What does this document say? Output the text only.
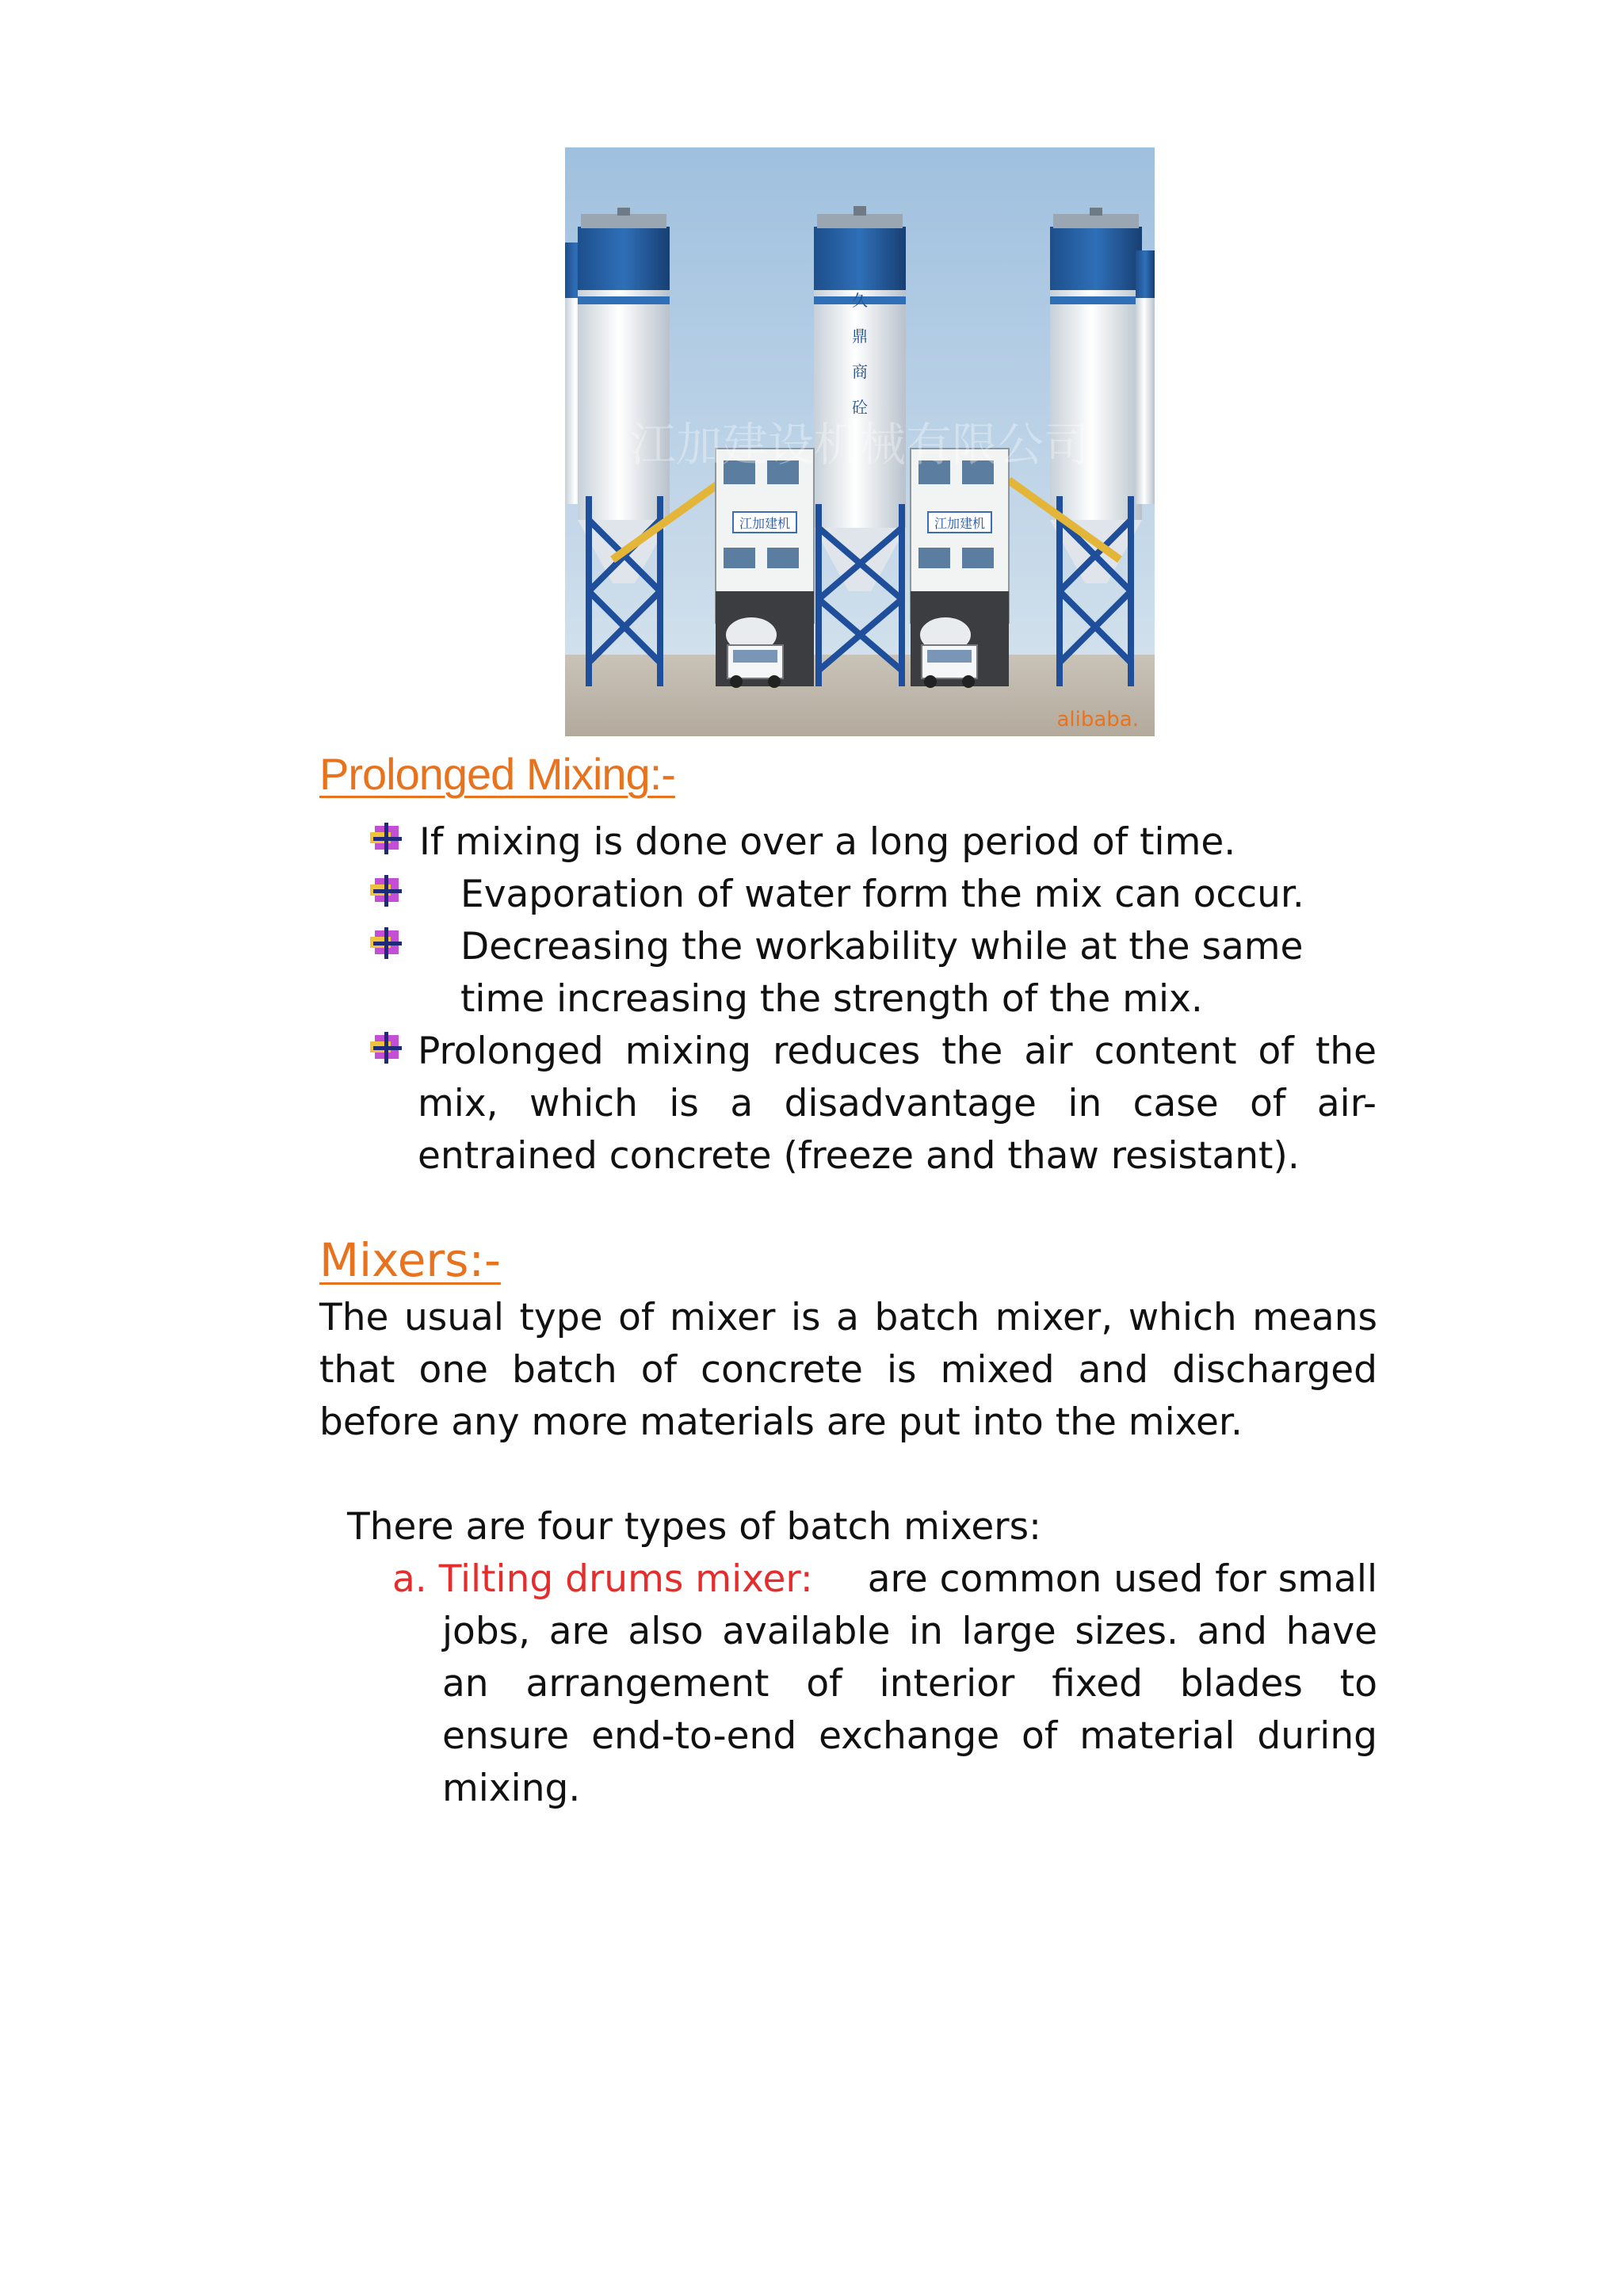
久
鼎
商
砼
江加建机	江加建机
江加建设机械有限公司
alibaba.
Prolonged Mixing:-
If mixing is done over a long period of time.
Evaporation of water form the mix can occur.
Decreasing the workability while at the same
time increasing the strength of the mix.
Prolonged mixing reduces the air content of the
mix, which is a disadvantage in case of air-
entrained concrete (freeze and thaw resistant).
Mixers:-
The usual type of mixer is a batch mixer, which means
that one batch of concrete is mixed and discharged
before any more materials are put into the mixer.
There are four types of batch mixers:
a. Tilting drums mixer: are common used for small
jobs, are also available in large sizes. and have
an arrangement of interior fixed blades to
ensure end-to-end exchange of material during
mixing.
